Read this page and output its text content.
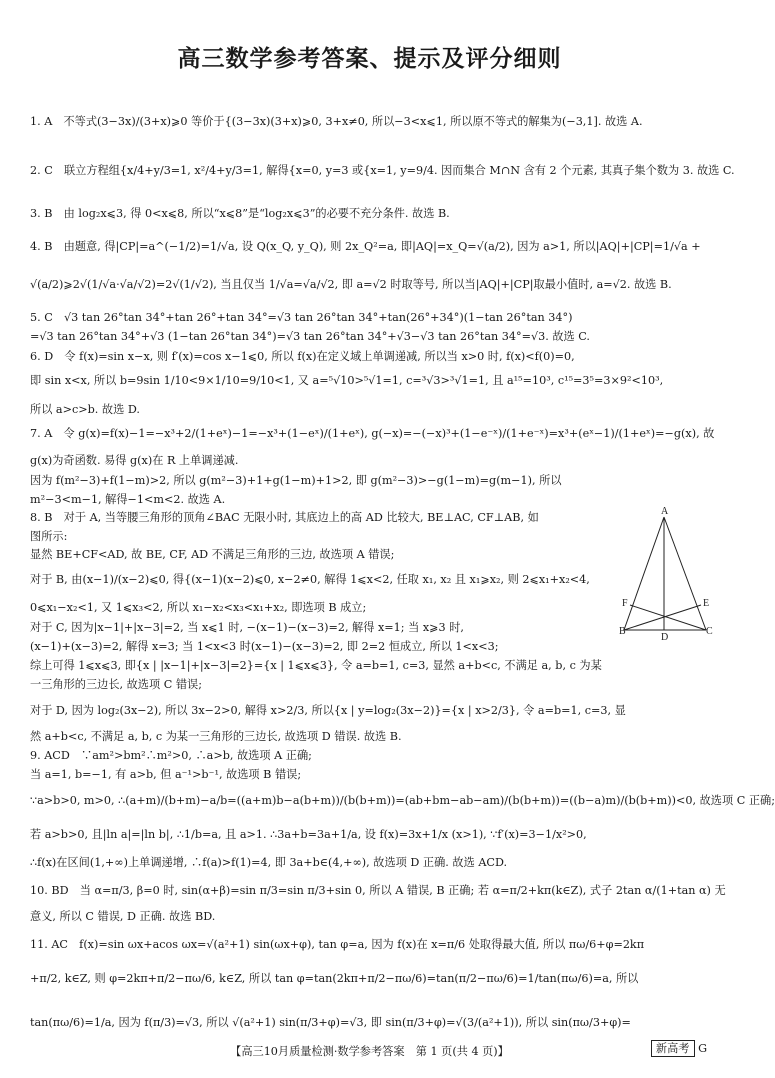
高三数学参考答案、提示及评分细则
1. A　不等式(3−3x)/(3+x)⩾0 等价于{(3−3x)(3+x)⩾0, 3+x≠0, 所以−3<x⩽1, 所以原不等式的解集为(−3,1]. 故选 A.
2. C　联立方程组{x/4+y/3=1, x²/4+y/3=1, 解得{x=0, y=3 或{x=1, y=9/4. 因而集合 M∩N 含有 2 个元素, 其真子集个数为 3. 故选 C.
3. B　由 log₂x⩽3, 得 0<x⩽8, 所以“x⩽8”是“log₂x⩽3”的必要不充分条件. 故选 B.
4. B　由题意, 得|CP|=a^(−1/2)=1/√a, 设 Q(x_Q, y_Q), 则 2x_Q²=a, 即|AQ|=x_Q=√(a/2), 因为 a>1, 所以|AQ|+|CP|=1/√a +
√(a/2)⩾2√(1/√a·√a/√2)=2√(1/√2), 当且仅当 1/√a=√a/√2, 即 a=√2 时取等号, 所以当|AQ|+|CP|取最小值时, a=√2. 故选 B.
5. C　√3 tan 26°tan 34°+tan 26°+tan 34°=√3 tan 26°tan 34°+tan(26°+34°)(1−tan 26°tan 34°)
=√3 tan 26°tan 34°+√3 (1−tan 26°tan 34°)=√3 tan 26°tan 34°+√3−√3 tan 26°tan 34°=√3. 故选 C.
6. D　令 f(x)=sin x−x, 则 f′(x)=cos x−1⩽0, 所以 f(x)在定义域上单调递减, 所以当 x>0 时, f(x)<f(0)=0,
即 sin x<x, 所以 b=9sin 1/10<9×1/10=9/10<1, 又 a=⁵√10>⁵√1=1, c=³√3>³√1=1, 且 a¹⁵=10³, c¹⁵=3⁵=3×9²<10³,
所以 a>c>b. 故选 D.
7. A　令 g(x)=f(x)−1=−x³+2/(1+eˣ)−1=−x³+(1−eˣ)/(1+eˣ), g(−x)=−(−x)³+(1−e⁻ˣ)/(1+e⁻ˣ)=x³+(eˣ−1)/(1+eˣ)=−g(x), 故
g(x)为奇函数. 易得 g(x)在 R 上单调递减.
因为 f(m²−3)+f(1−m)>2, 所以 g(m²−3)+1+g(1−m)+1>2, 即 g(m²−3)>−g(1−m)=g(m−1), 所以
m²−3<m−1, 解得−1<m<2. 故选 A.
8. B　对于 A, 当等腰三角形的顶角∠BAC 无限小时, 其底边上的高 AD 比较大, BE⊥AC, CF⊥AB, 如
图所示:
显然 BE+CF<AD, 故 BE, CF, AD 不满足三角形的三边, 故选项 A 错误;
对于 B, 由(x−1)/(x−2)⩽0, 得{(x−1)(x−2)⩽0, x−2≠0, 解得 1⩽x<2, 任取 x₁, x₂ 且 x₁⩾x₂, 则 2⩽x₁+x₂<4,
0⩽x₁−x₂<1, 又 1⩽x₃<2, 所以 x₁−x₂<x₃<x₁+x₂, 即选项 B 成立;
对于 C, 因为|x−1|+|x−3|=2, 当 x⩽1 时, −(x−1)−(x−3)=2, 解得 x=1; 当 x⩾3 时,
(x−1)+(x−3)=2, 解得 x=3; 当 1<x<3 时(x−1)−(x−3)=2, 即 2=2 恒成立, 所以 1<x<3;
综上可得 1⩽x⩽3, 即{x | |x−1|+|x−3|=2}={x | 1⩽x⩽3}, 令 a=b=1, c=3, 显然 a+b<c, 不满足 a, b, c 为某
一三角形的三边长, 故选项 C 错误;
对于 D, 因为 log₂(3x−2), 所以 3x−2>0, 解得 x>2/3, 所以{x | y=log₂(3x−2)}={x | x>2/3}, 令 a=b=1, c=3, 显
然 a+b<c, 不满足 a, b, c 为某一三角形的三边长, 故选项 D 错误. 故选 B.
9. ACD　∵am²>bm²∴m²>0, ∴a>b, 故选项 A 正确;
当 a=1, b=−1, 有 a>b, 但 a⁻¹>b⁻¹, 故选项 B 错误;
∵a>b>0, m>0, ∴(a+m)/(b+m)−a/b=((a+m)b−a(b+m))/(b(b+m))=(ab+bm−ab−am)/(b(b+m))=((b−a)m)/(b(b+m))<0, 故选项 C 正确;
若 a>b>0, 且|ln a|=|ln b|, ∴1/b=a, 且 a>1. ∴3a+b=3a+1/a, 设 f(x)=3x+1/x (x>1), ∵f′(x)=3−1/x²>0,
∴f(x)在区间(1,+∞)上单调递增, ∴f(a)>f(1)=4, 即 3a+b∈(4,+∞), 故选项 D 正确. 故选 ACD.
10. BD　当 α=π/3, β=0 时, sin(α+β)=sin π/3=sin π/3+sin 0, 所以 A 错误, B 正确; 若 α=π/2+kπ(k∈Z), 式子 2tan α/(1+tan α) 无
意义, 所以 C 错误, D 正确. 故选 BD.
11. AC　f(x)=sin ωx+acos ωx=√(a²+1) sin(ωx+φ), tan φ=a, 因为 f(x)在 x=π/6 处取得最大值, 所以 πω/6+φ=2kπ
+π/2, k∈Z, 则 φ=2kπ+π/2−πω/6, k∈Z, 所以 tan φ=tan(2kπ+π/2−πω/6)=tan(π/2−πω/6)=1/tan(πω/6)=a, 所以
tan(πω/6)=1/a, 因为 f(π/3)=√3, 所以 √(a²+1) sin(π/3+φ)=√3, 即 sin(π/3+φ)=√(3/(a²+1)), 所以 sin(πω/3+φ)=
A
B	C
D
E
F
【高三10月质量检测·数学参考答案　第 1 页(共 4 页)】	新高考 G
